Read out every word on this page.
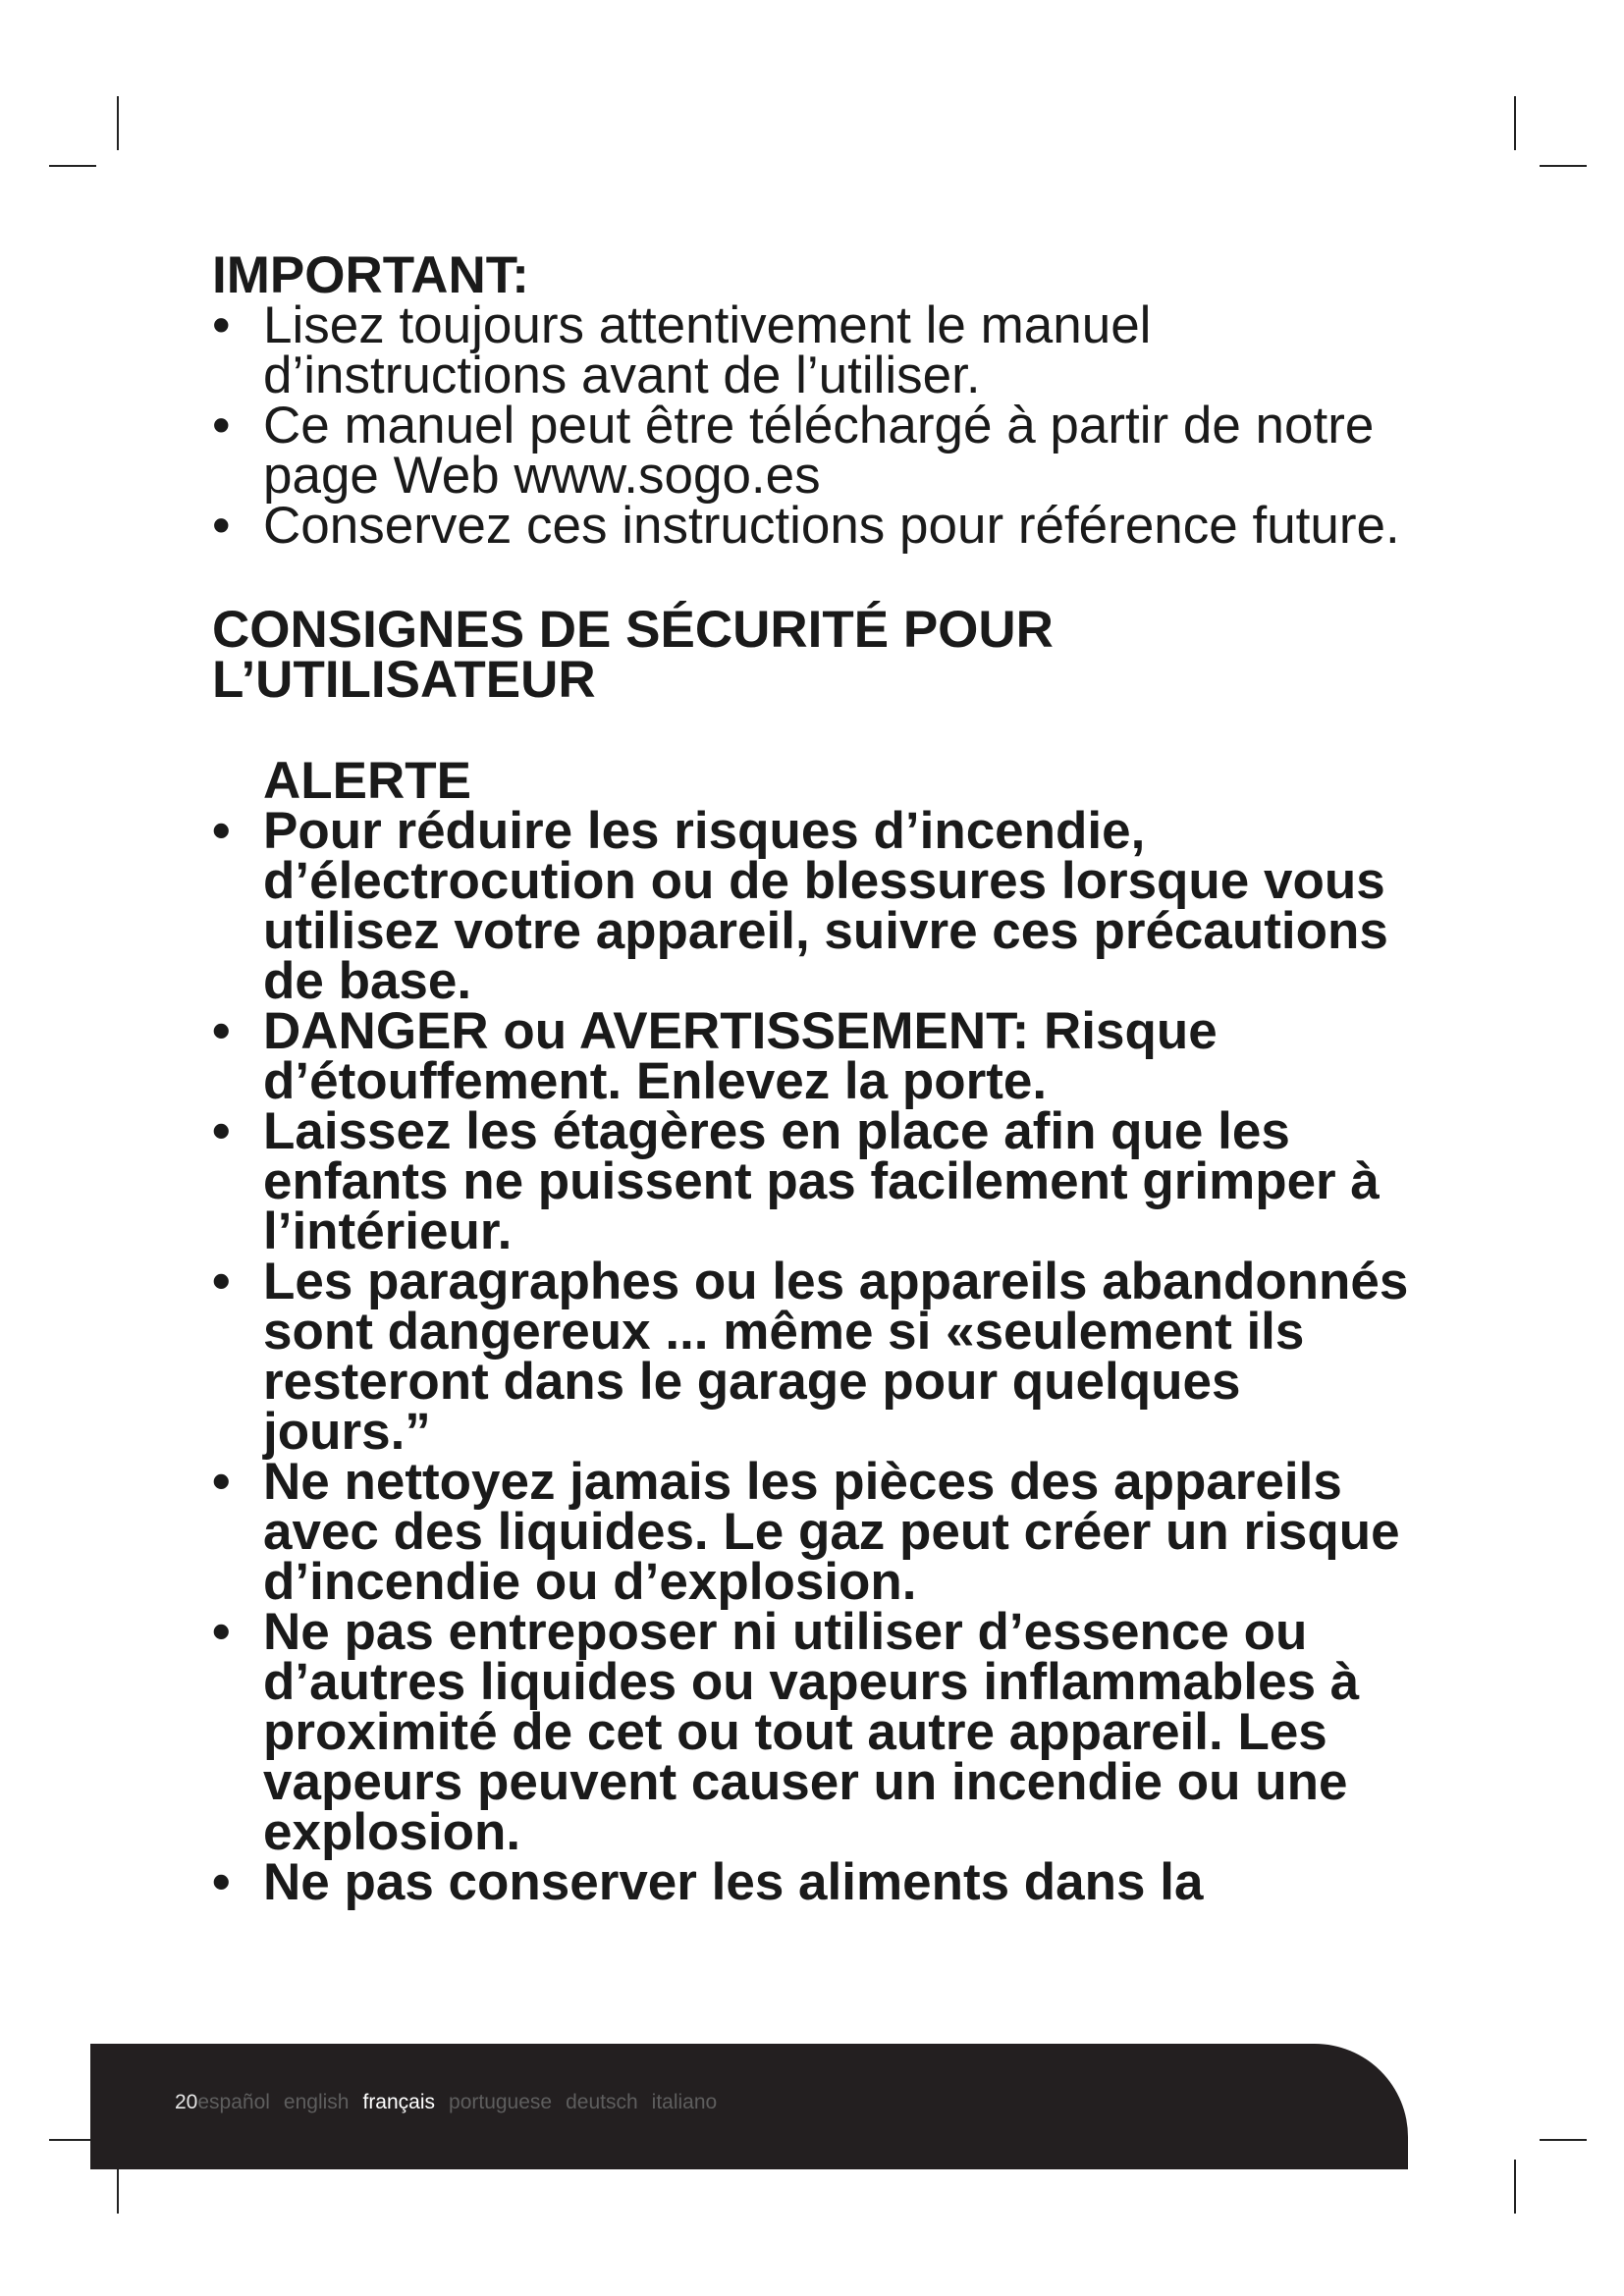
IMPORTANT:
• Lisez toujours attentivement le manuel d’instructions avant de l’utiliser.
• Ce manuel peut être téléchargé à partir de notre page Web www.sogo.es
• Conservez ces instructions pour référence future.
CONSIGNES DE SÉCURITÉ POUR L’UTILISATEUR
ALERTE
• Pour réduire les risques d’incendie, d’électrocution ou de blessures lorsque vous utilisez votre appareil, suivre ces précautions de base.
• DANGER ou AVERTISSEMENT: Risque d’étouffement. Enlevez la porte.
• Laissez les étagères en place afin que les enfants ne puissent pas facilement grimper à l’intérieur.
• Les paragraphes ou les appareils abandonnés sont dangereux ... même si «seulement ils resteront dans le garage pour quelques jours.”
• Ne nettoyez jamais les pièces des appareils avec des liquides. Le gaz peut créer un risque d’incendie ou d’explosion.
• Ne pas entreposer ni utiliser d’essence ou d’autres liquides ou vapeurs inflammables à proximité de cet ou tout autre appareil. Les vapeurs peuvent causer un incendie ou une explosion.
• Ne pas conserver les aliments dans la
20español english français portuguese deutsch italiano
